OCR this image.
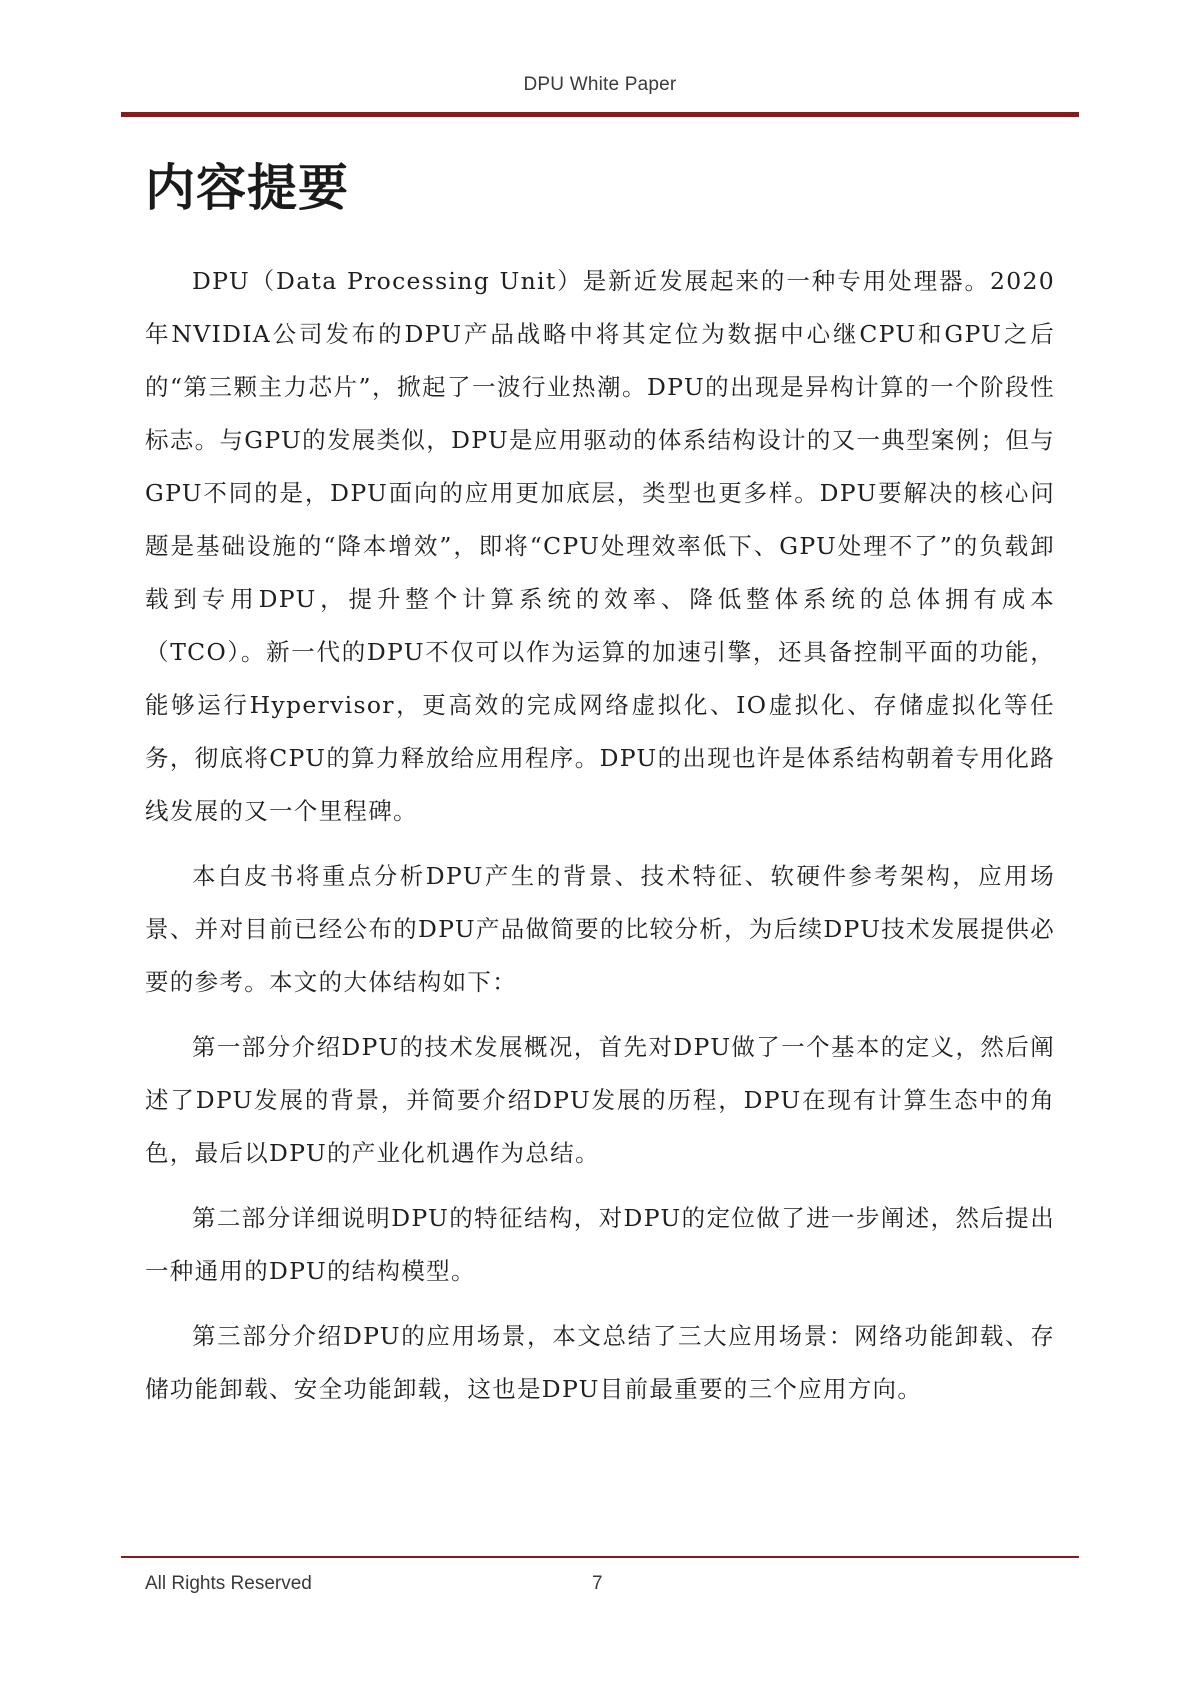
DPU White Paper
内容提要

DPU（Data Processing Unit）是新近发展起来的一种专用处理器。2020年NVIDIA公司发布的DPU产品战略中将其定位为数据中心继CPU和GPU之后的“第三颗主力芯片”，掀起了一波行业热潮。DPU的出现是异构计算的一个阶段性标志。与GPU的发展类似，DPU是应用驱动的体系结构设计的又一典型案例；但与GPU不同的是，DPU面向的应用更加底层，类型也更多样。DPU要解决的核心问题是基础设施的“降本增效”，即将“CPU处理效率低下、GPU处理不了”的负载卸载到专用DPU，提升整个计算系统的效率、降低整体系统的总体拥有成本（TCO）。新一代的DPU不仅可以作为运算的加速引擎，还具备控制平面的功能，能够运行Hypervisor，更高效的完成网络虚拟化、IO虚拟化、存储虚拟化等任务，彻底将CPU的算力释放给应用程序。DPU的出现也许是体系结构朝着专用化路线发展的又一个里程碑。

本白皮书将重点分析DPU产生的背景、技术特征、软硬件参考架构，应用场景、并对目前已经公布的DPU产品做简要的比较分析，为后续DPU技术发展提供必要的参考。本文的大体结构如下：

第一部分介绍DPU的技术发展概况，首先对DPU做了一个基本的定义，然后阐述了DPU发展的背景，并简要介绍DPU发展的历程，DPU在现有计算生态中的角色，最后以DPU的产业化机遇作为总结。

第二部分详细说明DPU的特征结构，对DPU的定位做了进一步阐述，然后提出一种通用的DPU的结构模型。

第三部分介绍DPU的应用场景，本文总结了三大应用场景：网络功能卸载、存储功能卸载、安全功能卸载，这也是DPU目前最重要的三个应用方向。

All Rights Reserved	7
